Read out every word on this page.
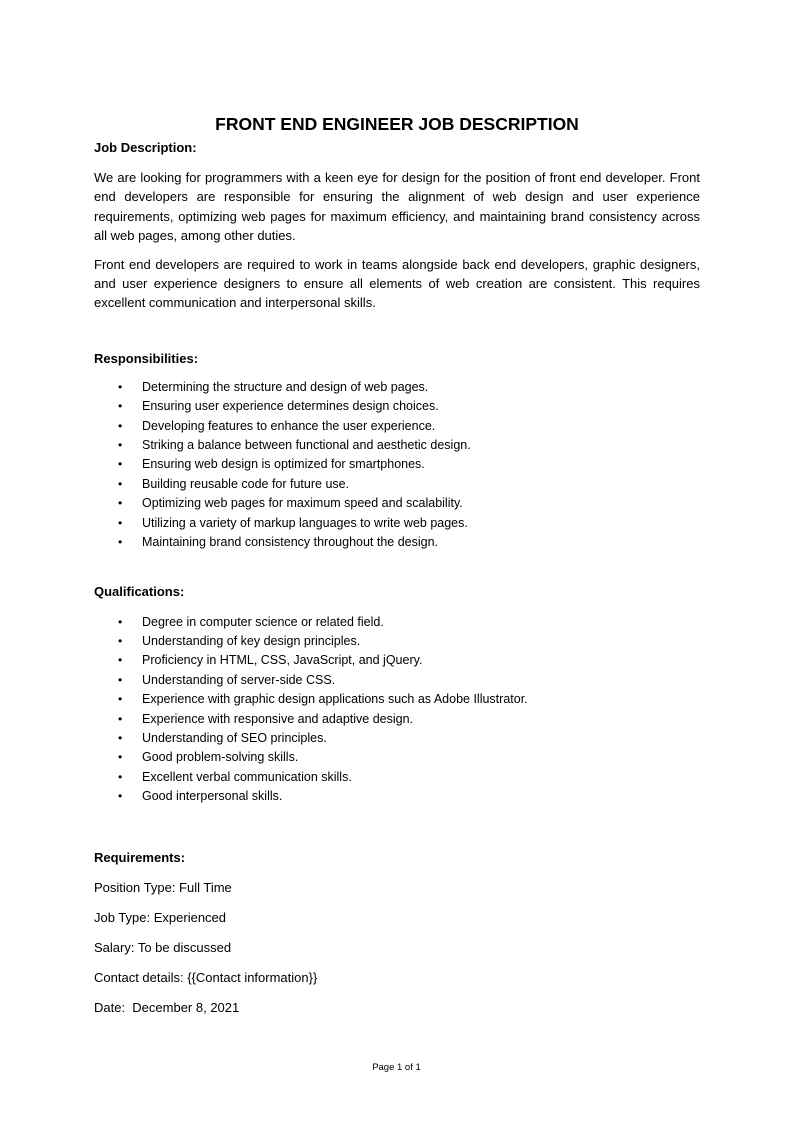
FRONT END ENGINEER JOB DESCRIPTION

Job Description:

We are looking for programmers with a keen eye for design for the position of front end developer. Front end developers are responsible for ensuring the alignment of web design and user experience requirements, optimizing web pages for maximum efficiency, and maintaining brand consistency across all web pages, among other duties.

Front end developers are required to work in teams alongside back end developers, graphic designers, and user experience designers to ensure all elements of web creation are consistent. This requires excellent communication and interpersonal skills.

Responsibilities:

• Determining the structure and design of web pages.
• Ensuring user experience determines design choices.
• Developing features to enhance the user experience.
• Striking a balance between functional and aesthetic design.
• Ensuring web design is optimized for smartphones.
• Building reusable code for future use.
• Optimizing web pages for maximum speed and scalability.
• Utilizing a variety of markup languages to write web pages.
• Maintaining brand consistency throughout the design.

Qualifications:

• Degree in computer science or related field.
• Understanding of key design principles.
• Proficiency in HTML, CSS, JavaScript, and jQuery.
• Understanding of server-side CSS.
• Experience with graphic design applications such as Adobe Illustrator.
• Experience with responsive and adaptive design.
• Understanding of SEO principles.
• Good problem-solving skills.
• Excellent verbal communication skills.
• Good interpersonal skills.

Requirements:

Position Type: Full Time

Job Type: Experienced

Salary: To be discussed

Contact details: {{Contact information}}

Date:  December 8, 2021

Page 1 of 1
